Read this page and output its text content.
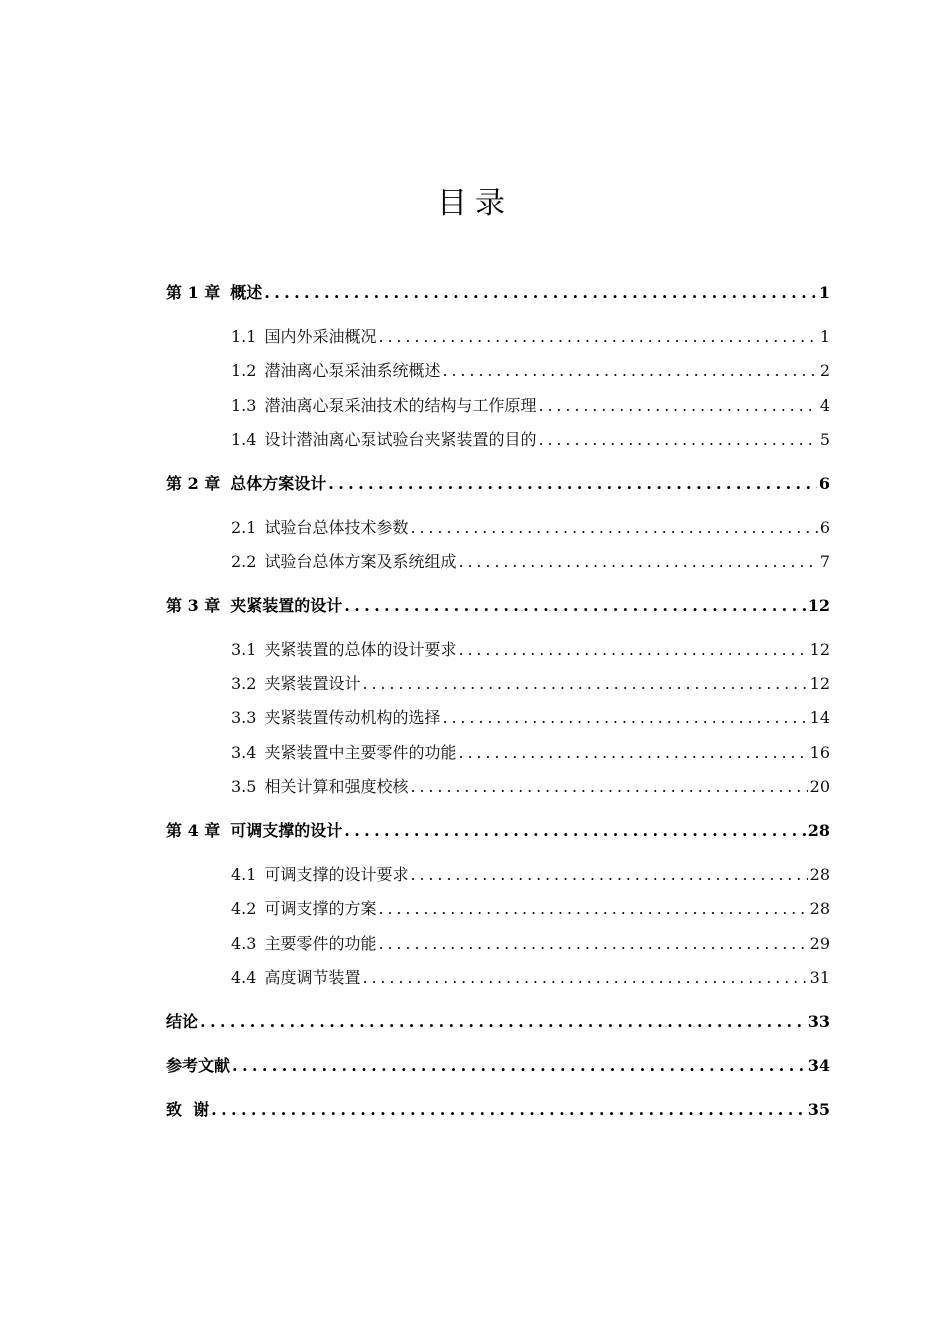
目录
第 1 章 概述 . . .	1
1.1 国内外采油概况 . . .	1
1.2 潜油离心泵采油系统概述 . . .	2
1.3 潜油离心泵采油技术的结构与工作原理 . . .	4
1.4 设计潜油离心泵试验台夹紧装置的目的 . . .	5
第 2 章 总体方案设计 . . .	6
2.1 试验台总体技术参数 . . .	6
2.2 试验台总体方案及系统组成 . . .	7
第 3 章 夹紧装置的设计 . . .	12
3.1 夹紧装置的总体的设计要求 . . .	12
3.2 夹紧装置设计 . . .	12
3.3 夹紧装置传动机构的选择 . . .	14
3.4 夹紧装置中主要零件的功能 . . .	16
3.5 相关计算和强度校核 . . .	20
第 4 章 可调支撑的设计 . . .	28
4.1 可调支撑的设计要求 . . .	28
4.2 可调支撑的方案 . . .	28
4.3 主要零件的功能 . . .	29
4.4 高度调节装置 . . .	31
结论 . . .	33
参考文献 . . .	34
致  谢 . . .	35
